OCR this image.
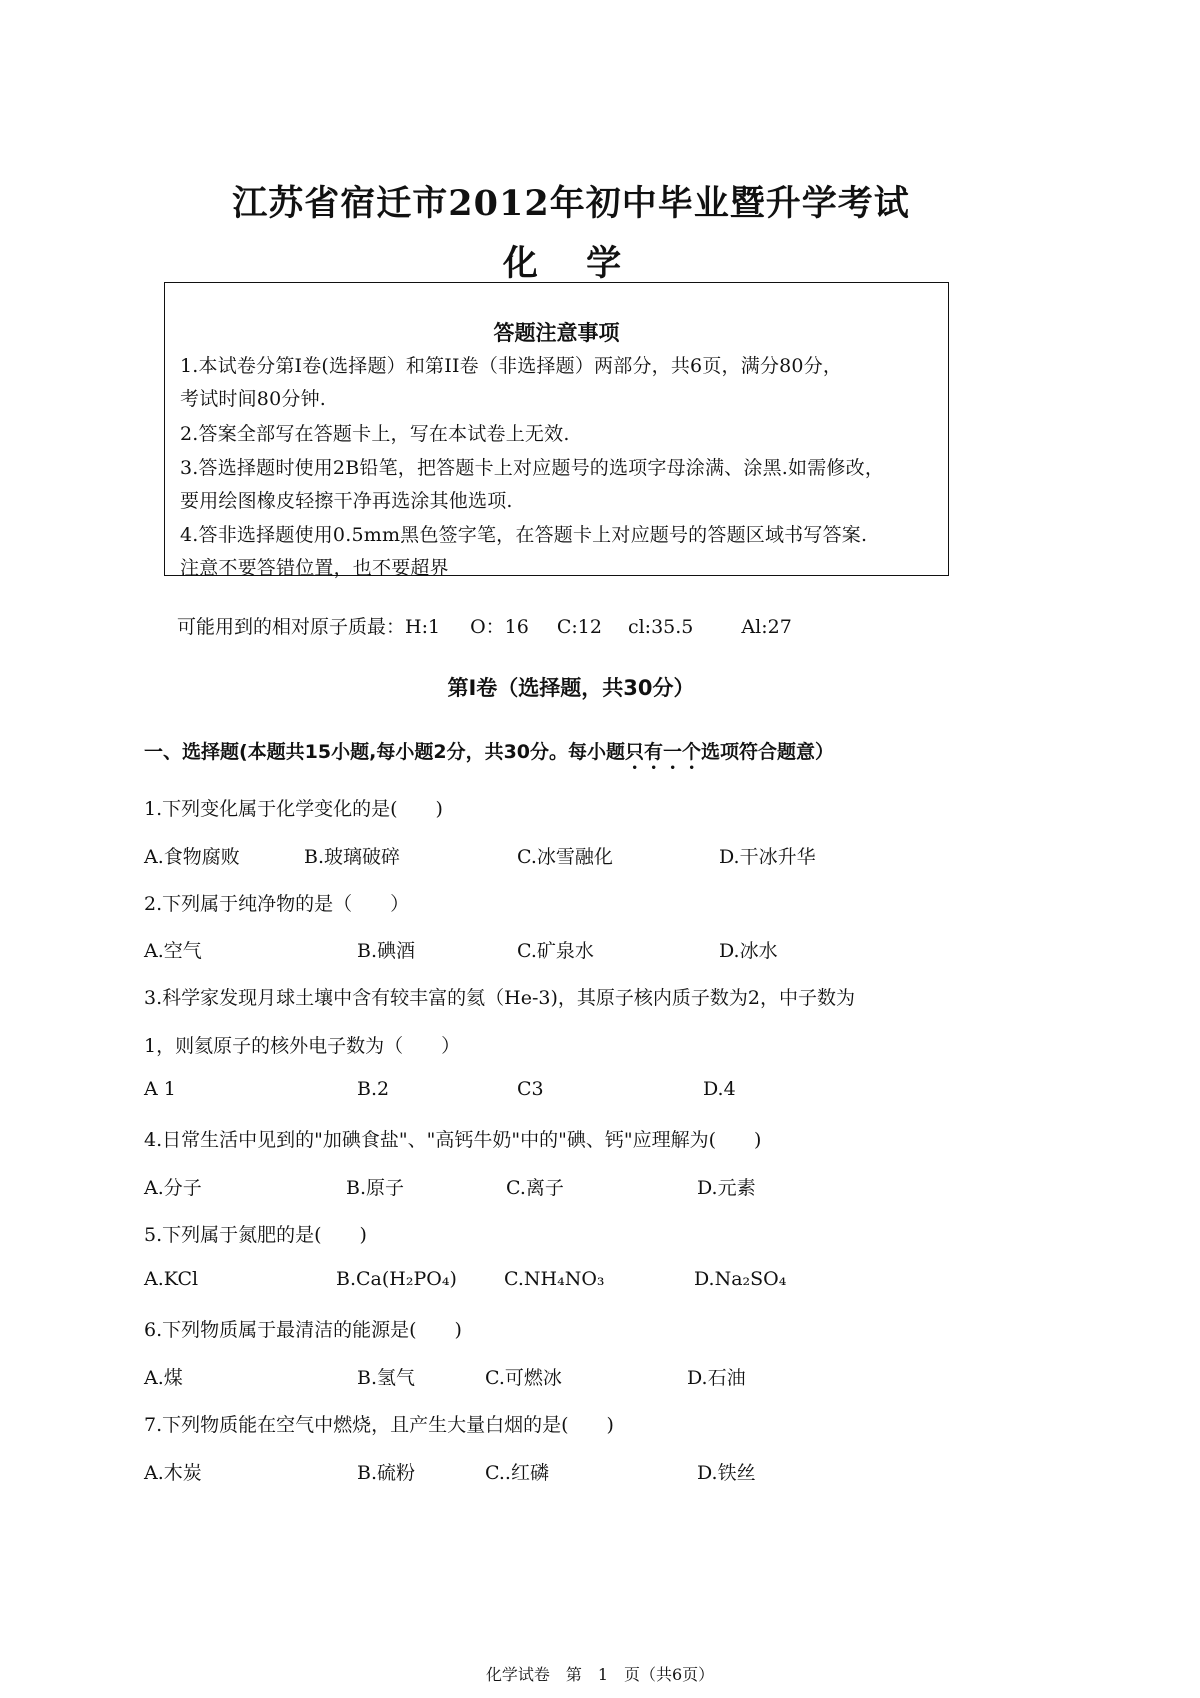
江苏省宿迁市2012年初中毕业暨升学考试
化 学
答题注意事项
1.本试卷分第I卷(选择题）和第II卷（非选择题）两部分，共6页，满分80分，
考试时间80分钟.
2.答案全部写在答题卡上，写在本试卷上无效.
3.答选择题时使用2B铅笔，把答题卡上对应题号的选项字母涂满、涂黑.如需修改，
要用绘图橡皮轻擦干净再选涂其他选项.
4.答非选择题使用0.5mm黑色签字笔，在答题卡上对应题号的答题区域书写答案.
注意不要答错位置，也不要超界
可能用到的相对原子质最：H:1 O：16 C:12 cl:35.5	Al:27
第I卷（选择题，共30分）
一、选择题(本题共15小题,每小题2分，共30分。每小题只有一个选项符合题意）
1.下列变化属于化学变化的是(　　)
A.食物腐败	B.玻璃破碎	C.冰雪融化	D.干冰升华
2.下列属于纯净物的是（　　）
A.空气	B.碘酒	C.矿泉水	D.冰水
3.科学家发现月球土壤中含有较丰富的氦（He-3)，其原子核内质子数为2，中子数为
1，则氦原子的核外电子数为（　　）
A 1	B.2	C3	D.4
4.日常生活中见到的"加碘食盐"、"高钙牛奶"中的"碘、钙"应理解为(　　)
A.分子	B.原子	C.离子	D.元素
5.下列属于氮肥的是(　　)
A.KCl	B.Ca(H₂PO₄) C.NH₄NO₃	D.Na₂SO₄
6.下列物质属于最清洁的能源是(　　)
A.煤	B.氢气	C.可燃冰	D.石油
7.下列物质能在空气中燃烧，且产生大量白烟的是(　　)
A.木炭	B.硫粉	C..红磷	D.铁丝
化学试卷　第　1　页（共6页）
